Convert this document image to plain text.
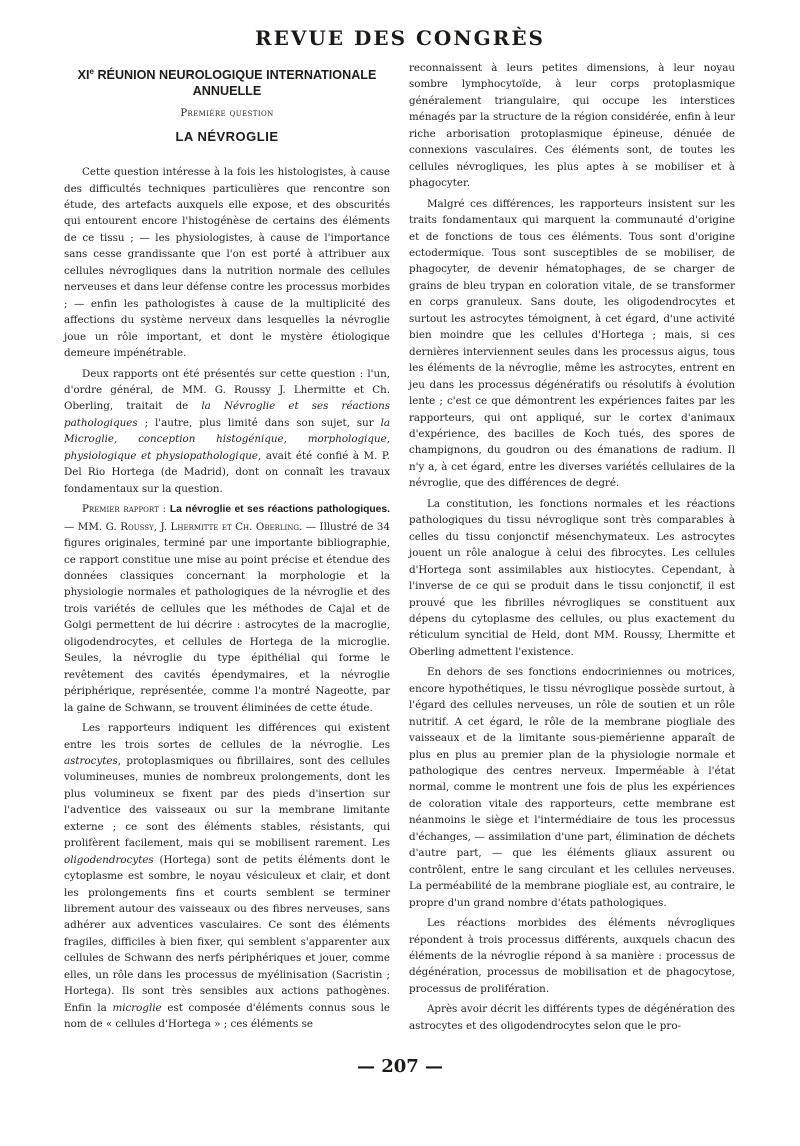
REVUE DES CONGRÈS
XIe RÉUNION NEUROLOGIQUE INTERNATIONALE ANNUELLE
Première question
LA NÉVROGLIE

Cette question intéresse à la fois les histologistes, à cause des difficultés techniques particulières que rencontre son étude, des artefacts auxquels elle expose, et des obscurités qui entourent encore l'histogénèse de certains des éléments de ce tissu ; — les physiologistes, à cause de l'importance sans cesse grandissante que l'on est porté à attribuer aux cellules névrogliques dans la nutrition normale des cellules nerveuses et dans leur défense contre les processus morbides ; — enfin les pathologistes à cause de la multiplicité des affections du système nerveux dans lesquelles la névroglie joue un rôle important, et dont le mystère étiologique demeure impénétrable.

Deux rapports ont été présentés sur cette question : l'un, d'ordre général, de MM. G. Roussy J. Lhermitte et Ch. Oberling, traitait de la Névroglie et ses réactions pathologiques ; l'autre, plus limité dans son sujet, sur la Microglie, conception histogénique, morphologique, physiologique et physiopathologique, avait été confié à M. P. Del Rio Hortega (de Madrid), dont on connaît les travaux fondamentaux sur la question.

Premier rapport : La névroglie et ses réactions pathologiques. — MM. G. Roussy, J. Lhermitte et Ch. Oberling. — Illustré de 34 figures originales, terminé par une importante bibliographie, ce rapport constitue une mise au point précise et étendue des données classiques concernant la morphologie et la physiologie normales et pathologiques de la névroglie et des trois variétés de cellules que les méthodes de Cajal et de Golgi permettent de lui décrire : astrocytes de la macroglie, oligodendrocytes, et cellules de Hortega de la microglie. Seules, la névroglie du type épithélial qui forme le revêtement des cavités épendymaires, et la névroglie périphérique, représentée, comme l'a montré Nageotte, par la gaine de Schwann, se trouvent éliminées de cette étude.

Les rapporteurs indiquent les différences qui existent entre les trois sortes de cellules de la névroglie. Les astrocytes, protoplasmiques ou fibrillaires, sont des cellules volumineuses, munies de nombreux prolongements, dont les plus volumineux se fixent par des pieds d'insertion sur l'adventice des vaisseaux ou sur la membrane limitante externe ; ce sont des éléments stables, résistants, qui prolifèrent facilement, mais qui se mobilisent rarement. Les oligodendrocytes (Hortega) sont de petits éléments dont le cytoplasme est sombre, le noyau vésiculeux et clair, et dont les prolongements fins et courts semblent se terminer librement autour des vaisseaux ou des fibres nerveuses, sans adhérer aux adventices vasculaires. Ce sont des éléments fragiles, difficiles à bien fixer, qui semblent s'apparenter aux cellules de Schwann des nerfs périphériques et jouer, comme elles, un rôle dans les processus de myélinisation (Sacristin ; Hortega). Ils sont très sensibles aux actions pathogènes. Enfin la microglie est composée d'éléments connus sous le nom de « cellules d'Hortega » ; ces éléments se

reconnaissent à leurs petites dimensions, à leur noyau sombre lymphocytoïde, à leur corps protoplasmique généralement triangulaire, qui occupe les interstices ménagés par la structure de la région considérée, enfin à leur riche arborisation protoplasmique épineuse, dénuée de connexions vasculaires. Ces éléments sont, de toutes les cellules névrogliques, les plus aptes à se mobiliser et à phagocyter.

Malgré ces différences, les rapporteurs insistent sur les traits fondamentaux qui marquent la communauté d'origine et de fonctions de tous ces éléments. Tous sont d'origine ectodermique. Tous sont susceptibles de se mobiliser, de phagocyter, de devenir hématophages, de se charger de grains de bleu trypan en coloration vitale, de se transformer en corps granuleux. Sans doute, les oligodendrocytes et surtout les astrocytes témoignent, à cet égard, d'une activité bien moindre que les cellules d'Hortega ; mais, si ces dernières interviennent seules dans les processus aigus, tous les éléments de la névroglie, même les astrocytes, entrent en jeu dans les processus dégénératifs ou résolutifs à évolution lente ; c'est ce que démontrent les expériences faites par les rapporteurs, qui ont appliqué, sur le cortex d'animaux d'expérience, des bacilles de Koch tués, des spores de champignons, du goudron ou des émanations de radium. Il n'y a, à cet égard, entre les diverses variétés cellulaires de la névroglie, que des différences de degré.

La constitution, les fonctions normales et les réactions pathologiques du tissu névroglique sont très comparables à celles du tissu conjonctif mésenchymateux. Les astrocytes jouent un rôle analogue à celui des fibrocytes. Les cellules d'Hortega sont assimilables aux histiocytes. Cependant, à l'inverse de ce qui se produit dans le tissu conjonctif, il est prouvé que les fibrilles névrogliques se constituent aux dépens du cytoplasme des cellules, ou plus exactement du réticulum syncitial de Held, dont MM. Roussy, Lhermitte et Oberling admettent l'existence.

En dehors de ses fonctions endocriniennes ou motrices, encore hypothétiques, le tissu névroglique possède surtout, à l'égard des cellules nerveuses, un rôle de soutien et un rôle nutritif. A cet égard, le rôle de la membrane piogliale des vaisseaux et de la limitante sous-piemérienne apparaît de plus en plus au premier plan de la physiologie normale et pathologique des centres nerveux. Imperméable à l'état normal, comme le montrent une fois de plus les expériences de coloration vitale des rapporteurs, cette membrane est néanmoins le siège et l'intermédiaire de tous les processus d'échanges, — assimilation d'une part, élimination de déchets d'autre part, — que les éléments gliaux assurent ou contrôlent, entre le sang circulant et les cellules nerveuses. La perméabilité de la membrane piogliale est, au contraire, le propre d'un grand nombre d'états pathologiques.

Les réactions morbides des éléments névrogliques répondent à trois processus différents, auxquels chacun des éléments de la névroglie répond à sa manière : processus de dégénération, processus de mobilisation et de phagocytose, processus de prolifération.

Après avoir décrit les différents types de dégénération des astrocytes et des oligodendrocytes selon que le pro-

— 207 —
